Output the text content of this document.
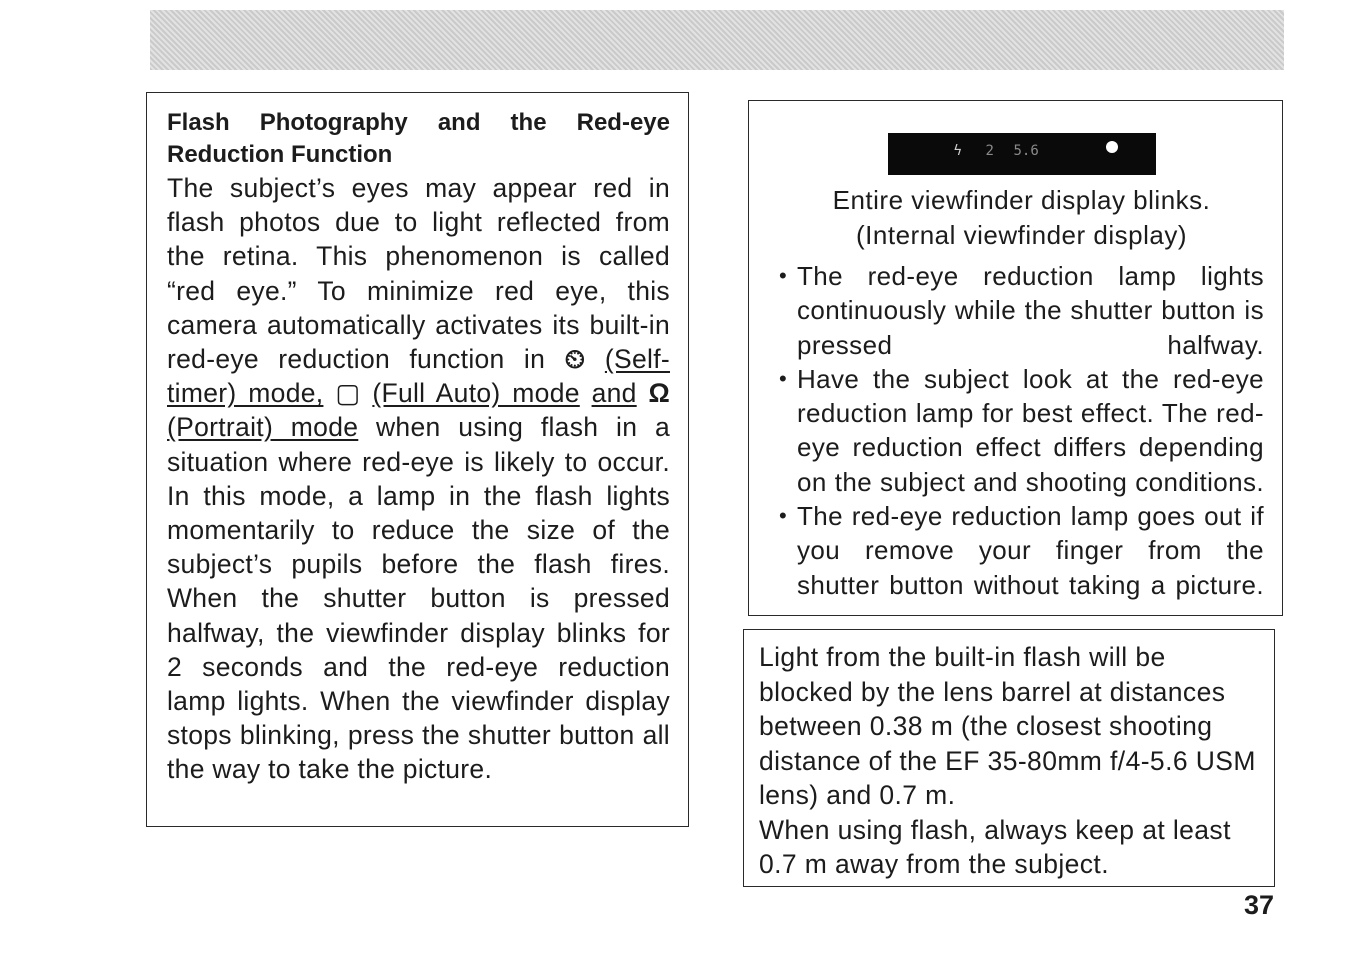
Flash Photography and the Red-eye

Reduction Function

The subject’s eyes may appear red in flash photos due to light reflected from the retina. This phenomenon is called “red eye.” To minimize red eye, this camera automatically activates its built-in red-eye reduction function in ⏲ (Self-timer) mode, ▢ (Full Auto) mode and Ω (Portrait) mode when using flash in a situation where red-eye is likely to occur. In this mode, a lamp in the flash lights momentarily to reduce the size of the subject’s pupils before the flash fires. When the shutter button is pressed halfway, the viewfinder display blinks for 2 seconds and the red-eye reduction lamp lights. When the viewfinder display stops blinking, press the shutter button all the way to take the picture.

ϟ 2 5.6

Entire viewfinder display blinks.
(Internal viewfinder display)

• The red-eye reduction lamp lights continuously while the shutter button is pressed halfway.
• Have the subject look at the red-eye reduction lamp for best effect. The red-eye reduction effect differs depending on the subject and shooting conditions.
• The red-eye reduction lamp goes out if you remove your finger from the shutter button without taking a picture.

Light from the built-in flash will be blocked by the lens barrel at distances between 0.38 m (the closest shooting distance of the EF 35-80mm f/4-5.6 USM lens) and 0.7 m.

When using flash, always keep at least 0.7 m away from the subject.

37
